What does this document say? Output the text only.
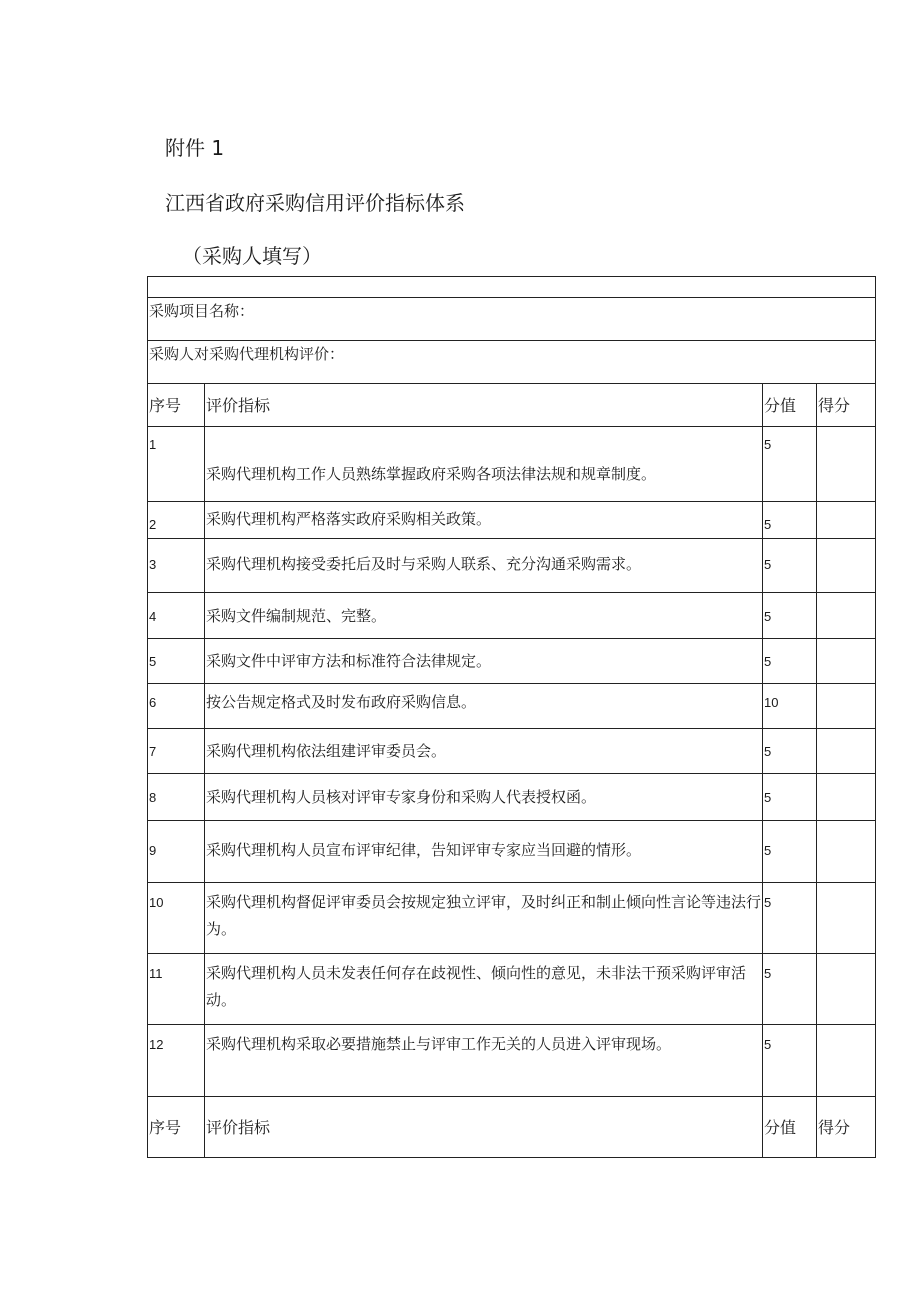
附件 1
江西省政府采购信用评价指标体系
（采购人填写）

采购项目名称：			
采购人对采购代理机构评价：			
序号	评价指标	分值	得分
1	采购代理机构工作人员熟练掌握政府采购各项法律法规和规章制度。	5	
2	采购代理机构严格落实政府采购相关政策。	5	
3	采购代理机构接受委托后及时与采购人联系、充分沟通采购需求。	5	
4	采购文件编制规范、完整。	5	
5	采购文件中评审方法和标准符合法律规定。	5	
6	按公告规定格式及时发布政府采购信息。	10	
7	采购代理机构依法组建评审委员会。	5	
8	采购代理机构人员核对评审专家身份和采购人代表授权函。	5	
9	采购代理机构人员宣布评审纪律，告知评审专家应当回避的情形。	5	
10	采购代理机构督促评审委员会按规定独立评审，及时纠正和制止倾向性言论等违法行为。	5	
11	采购代理机构人员未发表任何存在歧视性、倾向性的意见，未非法干预采购评审活动。	5	
12	采购代理机构采取必要措施禁止与评审工作无关的人员进入评审现场。	5	
序号	评价指标	分值	得分
